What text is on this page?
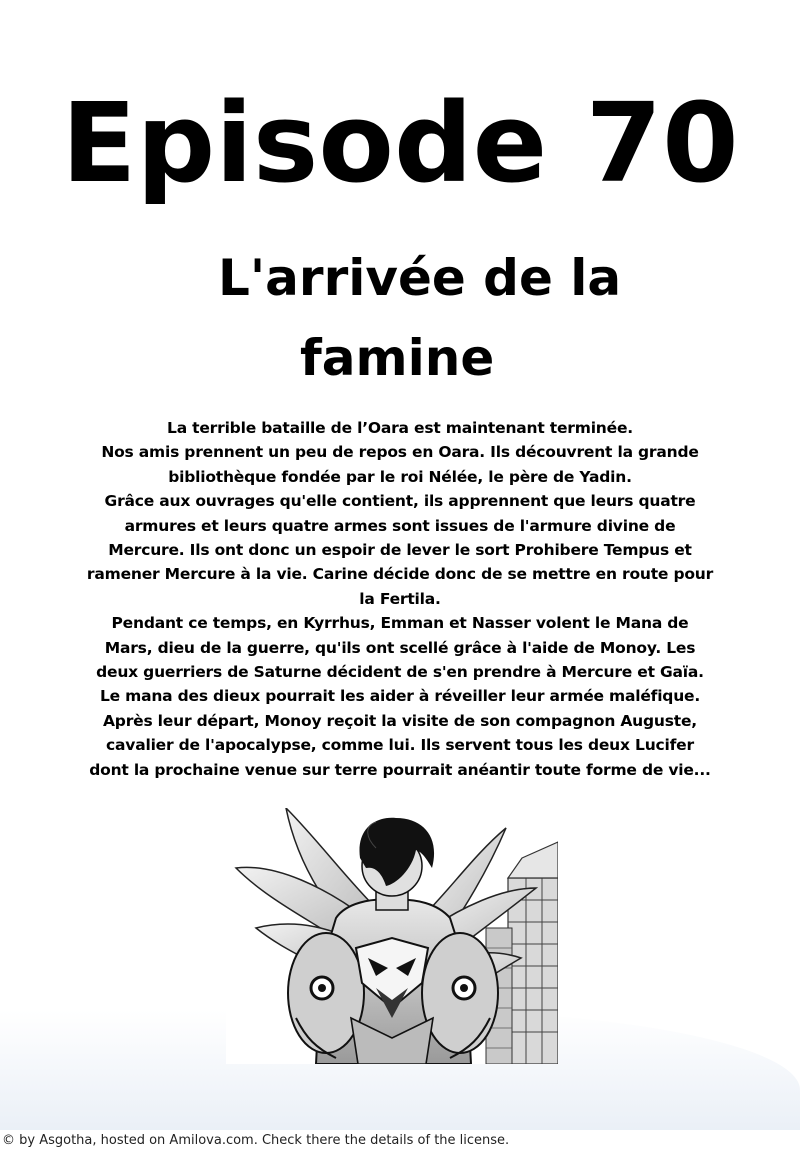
Episode 70
L'arrivée de la
famine

La terrible bataille de l’Oara est maintenant terminée.

Nos amis prennent un peu de repos en Oara. Ils découvrent la grande

bibliothèque fondée par le roi Nélée, le père de Yadin.

Grâce aux ouvrages qu'elle contient, ils apprennent que leurs quatre

armures et leurs quatre armes sont issues de l'armure divine de

Mercure. Ils ont donc un espoir de lever le sort Prohibere Tempus et

ramener Mercure à la vie. Carine décide donc de se mettre en route pour

la Fertila.

Pendant ce temps, en Kyrrhus, Emman et Nasser volent le Mana de

Mars, dieu de la guerre, qu'ils ont scellé grâce à l'aide de Monoy. Les

deux guerriers de Saturne décident de s'en prendre à Mercure et Gaïa.

Le mana des dieux pourrait les aider à réveiller leur armée maléfique.

Après leur départ, Monoy reçoit la visite de son compagnon Auguste,

cavalier de l'apocalypse, comme lui. Ils servent tous les deux Lucifer

dont la prochaine venue sur terre pourrait anéantir toute forme de vie...

© by Asgotha, hosted on Amilova.com. Check there the details of the license.
